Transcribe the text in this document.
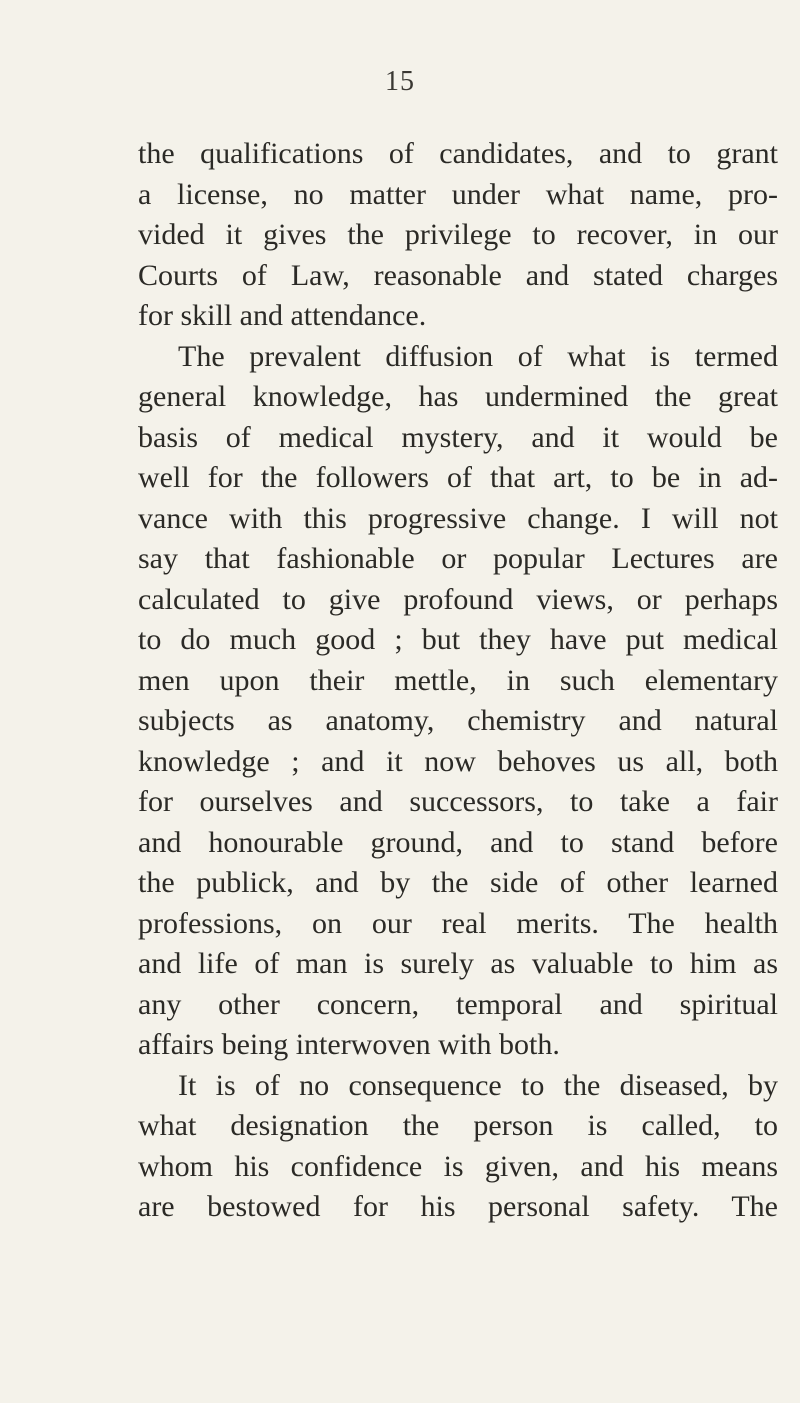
15
the qualifications of candidates, and to grant
a license, no matter under what name, pro-
vided it gives the privilege to recover, in our
Courts of Law, reasonable and stated charges
for skill and attendance.
The prevalent diffusion of what is termed
general knowledge, has undermined the great
basis of medical mystery, and it would be
well for the followers of that art, to be in ad-
vance with this progressive change. I will not
say that fashionable or popular Lectures are
calculated to give profound views, or perhaps
to do much good ; but they have put medical
men upon their mettle, in such elementary
subjects as anatomy, chemistry and natural
knowledge ; and it now behoves us all, both
for ourselves and successors, to take a fair
and honourable ground, and to stand before
the publick, and by the side of other learned
professions, on our real merits. The health
and life of man is surely as valuable to him as
any other concern, temporal and spiritual
affairs being interwoven with both.
It is of no consequence to the diseased, by
what designation the person is called, to
whom his confidence is given, and his means
are bestowed for his personal safety. The
